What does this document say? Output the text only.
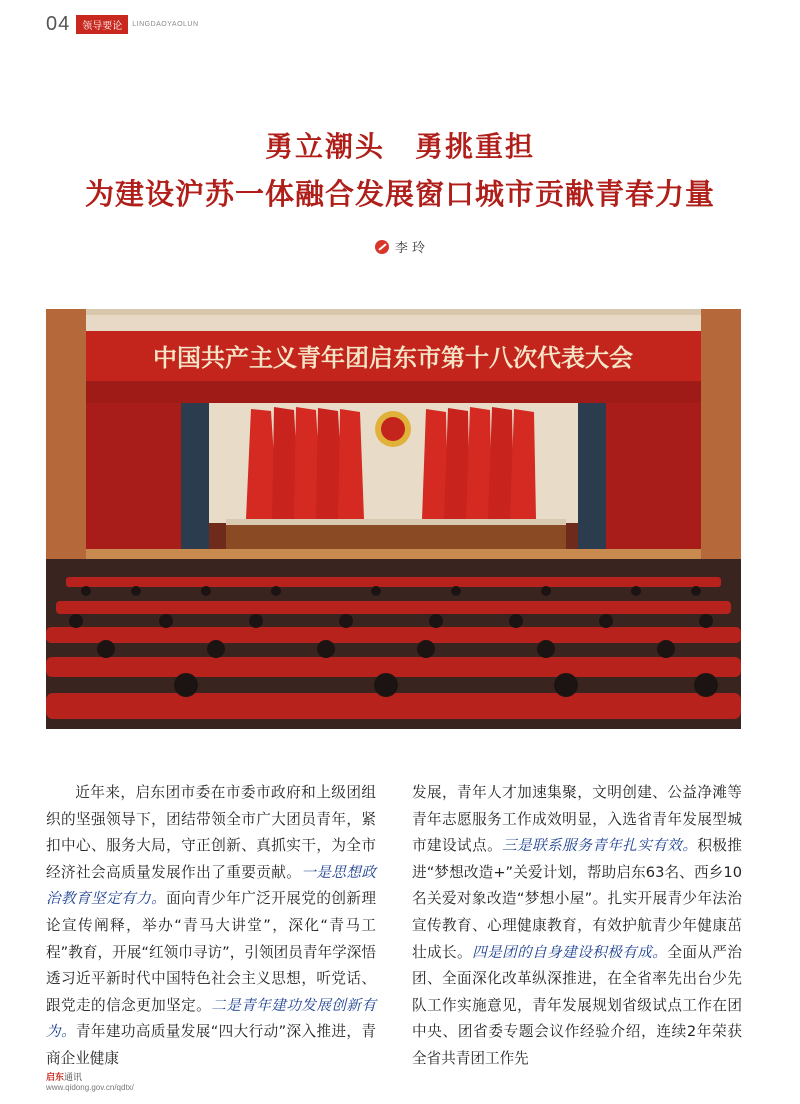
04	领导要论	LINGDAOYAOLUN
勇立潮头　勇挑重担
为建设沪苏一体融合发展窗口城市贡献青春力量
李 玲
中国共产主义青年团启东市第十八次代表大会

近年来，启东团市委在市委市政府和上级团组织的坚强领导下，团结带领全市广大团员青年，紧扣中心、服务大局，守正创新、真抓实干，为全市经济社会高质量发展作出了重要贡献。一是思想政治教育坚定有力。面向青少年广泛开展党的创新理论宣传阐释，举办“青马大讲堂”，深化“青马工程”教育，开展“红领巾寻访”，引领团员青年学深悟透习近平新时代中国特色社会主义思想，听党话、跟党走的信念更加坚定。二是青年建功发展创新有为。青年建功高质量发展“四大行动”深入推进，青商企业健康

发展，青年人才加速集聚，文明创建、公益净滩等青年志愿服务工作成效明显，入选省青年发展型城市建设试点。三是联系服务青年扎实有效。积极推进“梦想改造+”关爱计划，帮助启东63名、西乡10名关爱对象改造“梦想小屋”。扎实开展青少年法治宣传教育、心理健康教育，有效护航青少年健康茁壮成长。四是团的自身建设积极有成。全面从严治团、全面深化改革纵深推进，在全省率先出台少先队工作实施意见，青年发展规划省级试点工作在团中央、团省委专题会议作经验介绍，连续2年荣获全省共青团工作先

启东通讯
www.qidong.gov.cn/qdtx/
